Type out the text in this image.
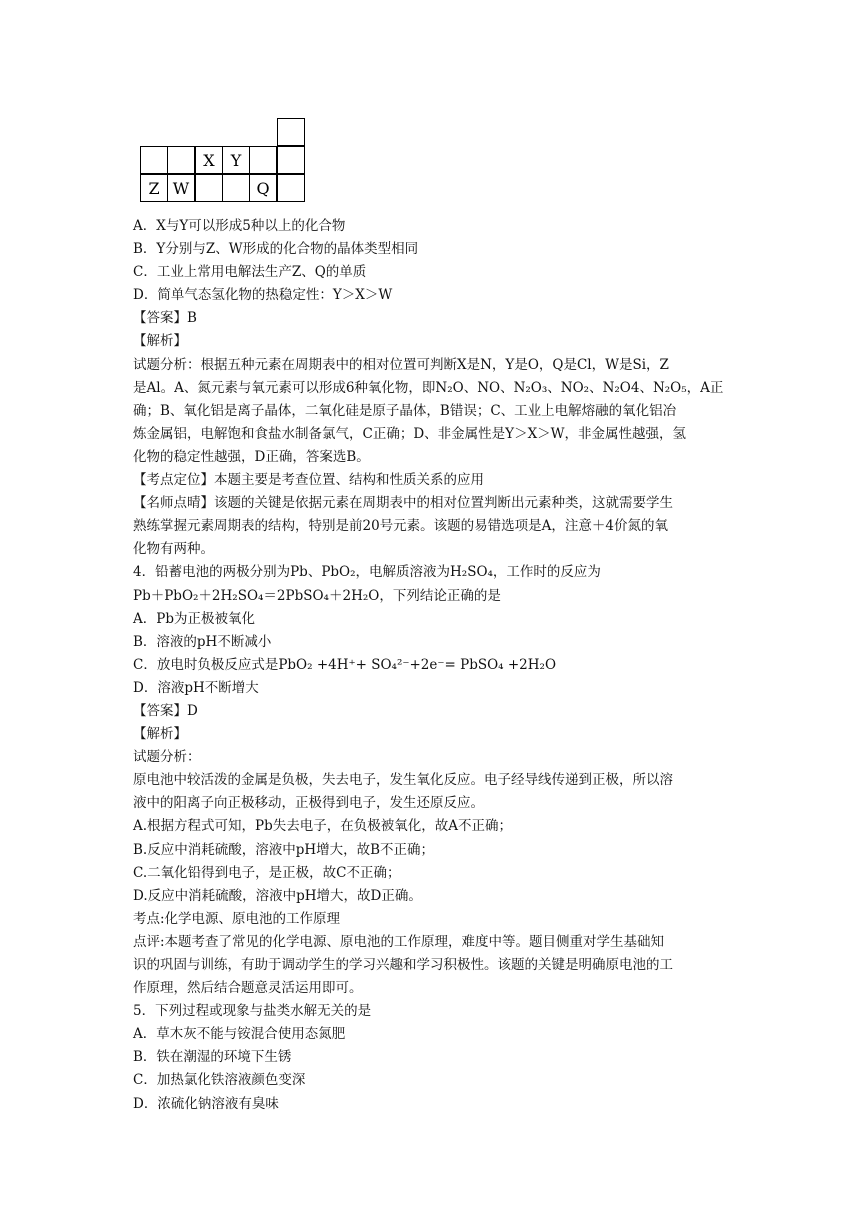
X	Y
Z W	Q

A．X与Y可以形成5种以上的化合物

B．Y分别与Z、W形成的化合物的晶体类型相同

C．工业上常用电解法生产Z、Q的单质

D．简单气态氢化物的热稳定性：Y＞X＞W

【答案】B

【解析】

试题分析：根据五种元素在周期表中的相对位置可判断X是N，Y是O，Q是Cl，W是Si，Z

是Al。A、氮元素与氧元素可以形成6种氧化物，即N₂O、NO、N₂O₃、NO₂、N₂O4、N₂O₅，A正

确；B、氧化铝是离子晶体，二氧化硅是原子晶体，B错误；C、工业上电解熔融的氧化铝冶

炼金属铝，电解饱和食盐水制备氯气，C正确；D、非金属性是Y＞X＞W，非金属性越强，氢

化物的稳定性越强，D正确，答案选B。

【考点定位】本题主要是考查位置、结构和性质关系的应用

【名师点晴】该题的关键是依据元素在周期表中的相对位置判断出元素种类，这就需要学生

熟练掌握元素周期表的结构，特别是前20号元素。该题的易错选项是A，注意＋4价氮的氧

化物有两种。

4．铅蓄电池的两极分别为Pb、PbO₂，电解质溶液为H₂SO₄，工作时的反应为

Pb＋PbO₂＋2H₂SO₄＝2PbSO₄＋2H₂O，下列结论正确的是

A．Pb为正极被氧化

B．溶液的pH不断减小

C．放电时负极反应式是PbO₂ +4H⁺+ SO₄²⁻+2e⁻= PbSO₄ +2H₂O

D．溶液pH不断增大

【答案】D

【解析】

试题分析：

原电池中较活泼的金属是负极，失去电子，发生氧化反应。电子经导线传递到正极，所以溶

液中的阳离子向正极移动，正极得到电子，发生还原反应。

A.根据方程式可知，Pb失去电子，在负极被氧化，故A不正确；

B.反应中消耗硫酸，溶液中pH增大，故B不正确；

C.二氧化铅得到电子，是正极，故C不正确；

D.反应中消耗硫酸，溶液中pH增大，故D正确。

考点:化学电源、原电池的工作原理

点评:本题考查了常见的化学电源、原电池的工作原理，难度中等。题目侧重对学生基础知

识的巩固与训练，有助于调动学生的学习兴趣和学习积极性。该题的关键是明确原电池的工

作原理，然后结合题意灵活运用即可。

5．下列过程或现象与盐类水解无关的是

A．草木灰不能与铵混合使用态氮肥

B．铁在潮湿的环境下生锈

C．加热氯化铁溶液颜色变深

D．浓硫化钠溶液有臭味
